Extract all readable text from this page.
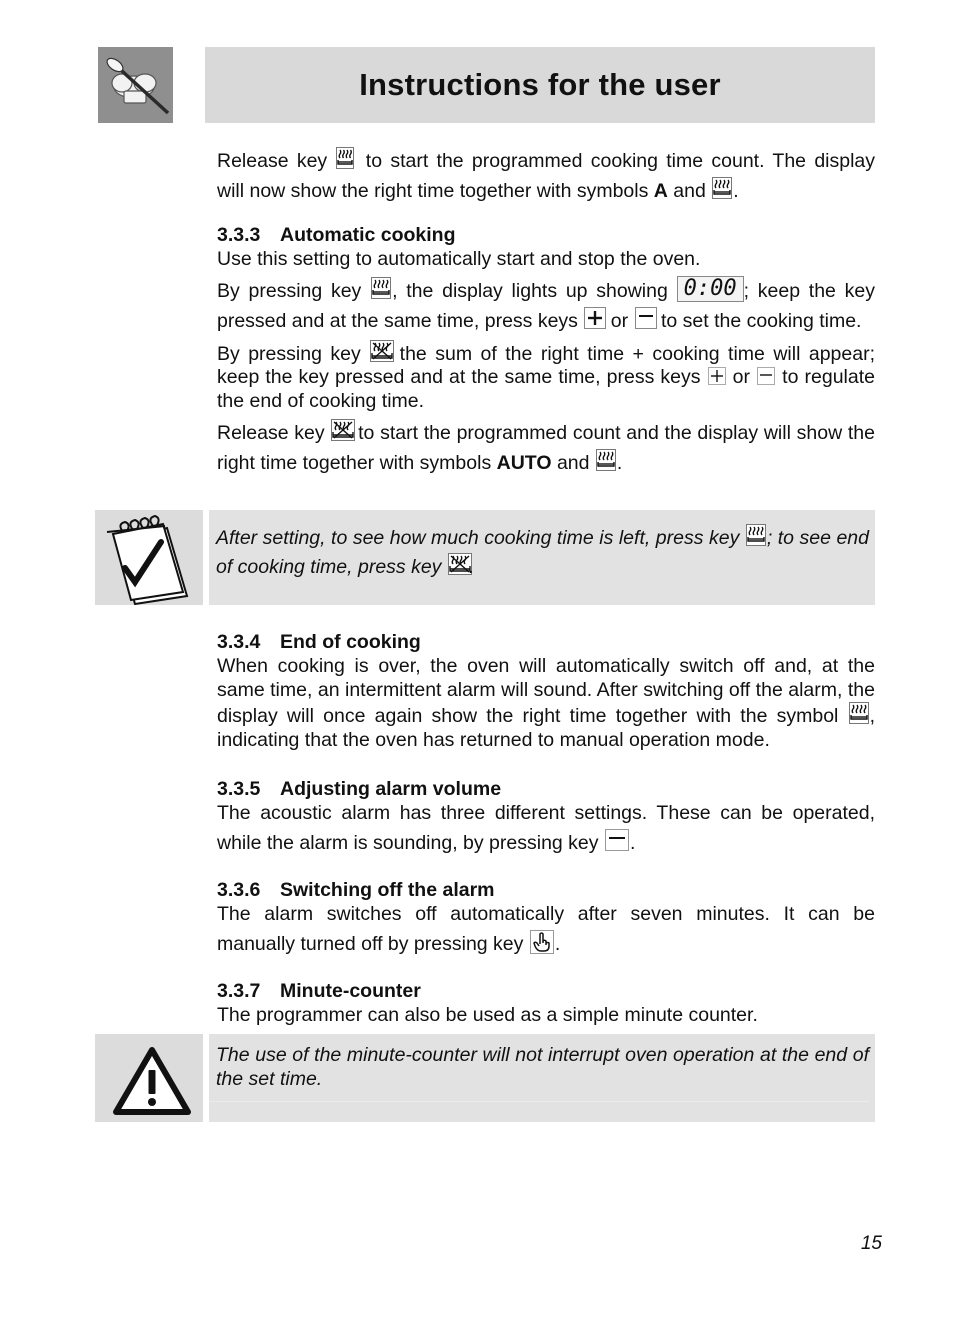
Instructions for the user

Release key to start the programmed cooking time count. The display will now show the right time together with symbols A and .

3.3.3 Automatic cooking

Use this setting to automatically start and stop the oven.

By pressing key , the display lights up showing 0:00 ; keep the key pressed and at the same time, press keys or to set the cooking time.

By pressing key the sum of the right time + cooking time will appear; keep the key pressed and at the same time, press keys or to regulate the end of cooking time.

Release key to start the programmed count and the display will show the right time together with symbols AUTO and .

After setting, to see how much cooking time is left, press key ; to see end of cooking time, press key .

3.3.4 End of cooking

When cooking is over, the oven will automatically switch off and, at the same time, an intermittent alarm will sound. After switching off the alarm, the display will once again show the right time together with the symbol , indicating that the oven has returned to manual operation mode.

3.3.5 Adjusting alarm volume

The acoustic alarm has three different settings. These can be operated, while the alarm is sounding, by pressing key .

3.3.6 Switching off the alarm

The alarm switches off automatically after seven minutes. It can be manually turned off by pressing key .

3.3.7 Minute-counter

The programmer can also be used as a simple minute counter.

The use of the minute-counter will not interrupt oven operation at the end of the set time.

15
